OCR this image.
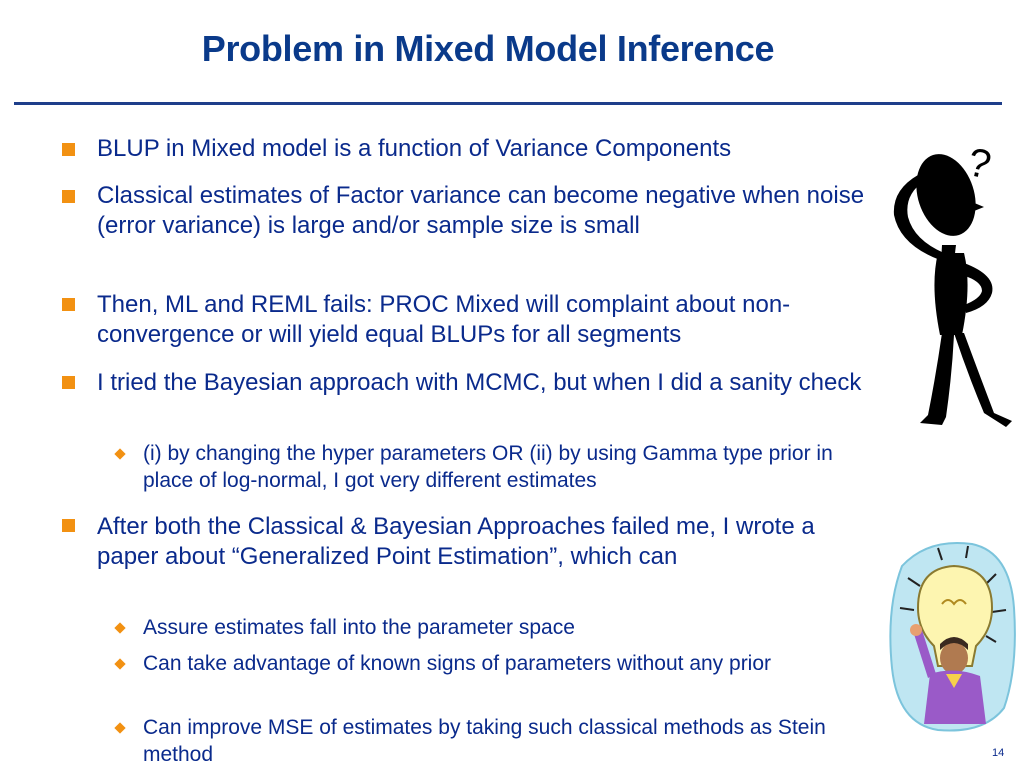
Problem in Mixed Model Inference
BLUP in Mixed model is a function of Variance Components
Classical estimates of Factor variance can become negative when noise (error variance) is large and/or sample size is small
Then, ML and REML fails: PROC Mixed will complaint about non-convergence or will yield equal BLUPs for all segments
I tried the Bayesian approach with MCMC, but when I did a sanity check
(i) by changing the hyper parameters OR (ii) by using Gamma type prior in place of log-normal, I got very different estimates
After both the Classical & Bayesian Approaches failed me, I wrote a paper about “Generalized Point Estimation”, which can
Assure estimates fall into the parameter space
Can take advantage of known signs of parameters without any prior
Can improve MSE of estimates by taking such classical methods as Stein method
?
14
